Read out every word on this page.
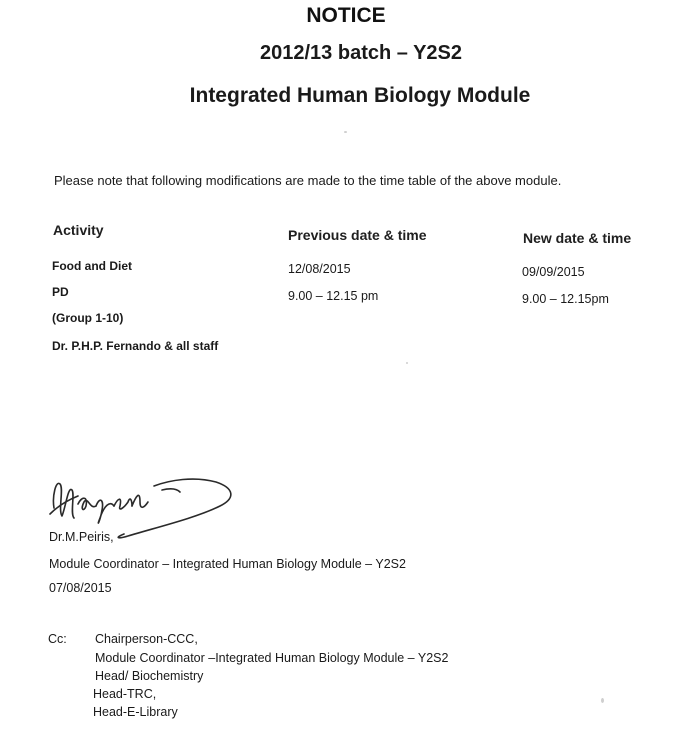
NOTICE
2012/13 batch – Y2S2
Integrated Human Biology Module
Please note that following modifications are made to the time table of the above module.
Activity	Previous date & time	New date & time
Food and Diet
PD
(Group 1-10)
Dr. P.H.P. Fernando & all staff
12/08/2015
9.00 – 12.15 pm
09/09/2015
9.00 – 12.15pm
Dr.M.Peiris,
Module Coordinator – Integrated Human Biology Module – Y2S2
07/08/2015
Cc: Chairperson-CCC,
Module Coordinator –Integrated Human Biology Module – Y2S2
Head/ Biochemistry
Head-TRC,
Head-E-Library
